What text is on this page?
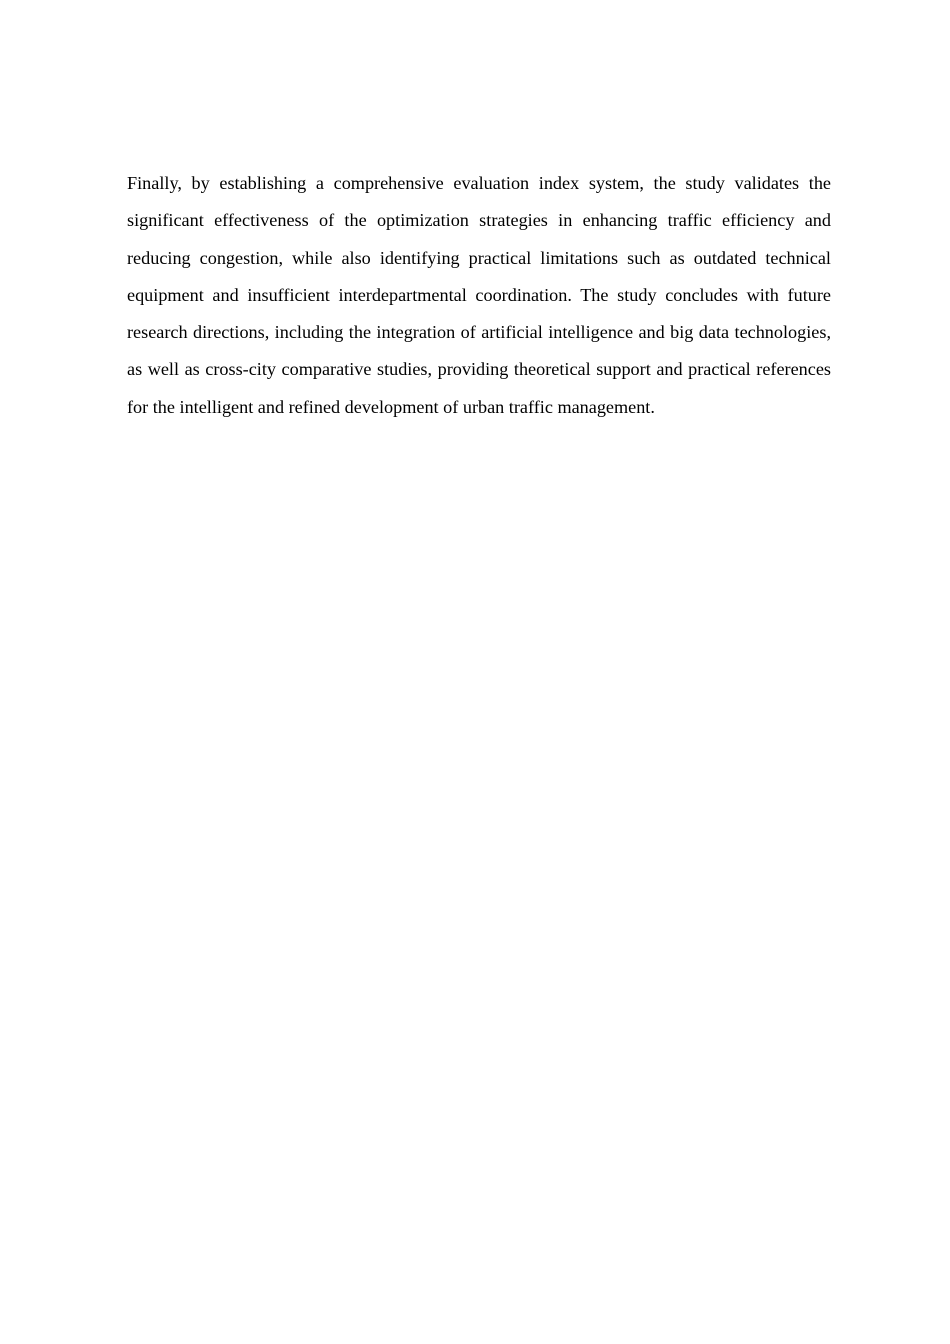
Finally, by establishing a comprehensive evaluation index system, the study validates the significant effectiveness of the optimization strategies in enhancing traffic efficiency and reducing congestion, while also identifying practical limitations such as outdated technical equipment and insufficient interdepartmental coordination. The study concludes with future research directions, including the integration of artificial intelligence and big data technologies, as well as cross-city comparative studies, providing theoretical support and practical references for the intelligent and refined development of urban traffic management.
